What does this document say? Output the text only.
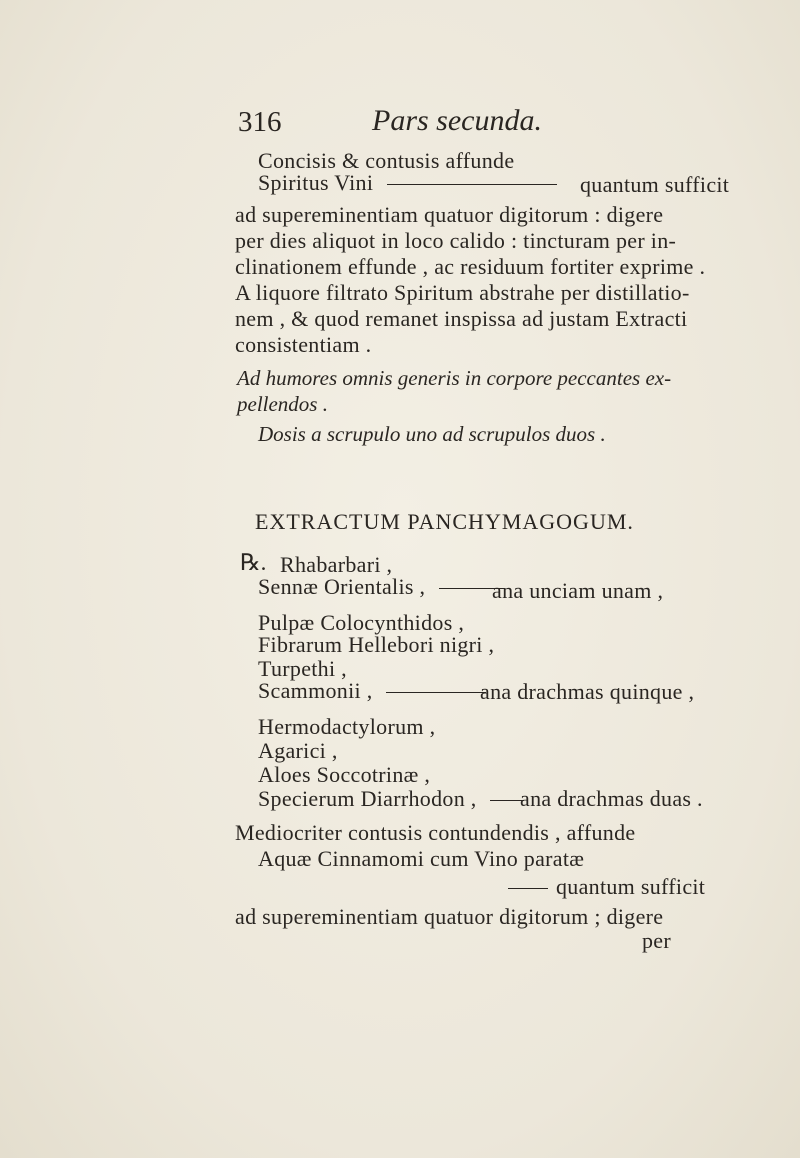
316	Pars secunda.
Concisis & contusis affunde
Spiritus Vini	quantum sufficit
ad supereminentiam quatuor digitorum : digere
per dies aliquot in loco calido : tincturam per in-
clinationem effunde , ac residuum fortiter exprime .
A liquore filtrato Spiritum abstrahe per distillatio-
nem , & quod remanet inspissa ad justam Extracti
consistentiam .
Ad humores omnis generis in corpore peccantes ex-
pellendos .
Dosis a scrupulo uno ad scrupulos duos .
EXTRACTUM PANCHYMAGOGUM.
℞. Rhabarbari ,
Sennæ Orientalis ,	ana unciam unam ,
Pulpæ Colocynthidos ,
Fibrarum Hellebori nigri ,
Turpethi ,
Scammonii ,	ana drachmas quinque ,
Hermodactylorum ,
Agarici ,
Aloes Soccotrinæ ,
Specierum Diarrhodon ,	ana drachmas duas .
Mediocriter contusis contundendis , affunde
Aquæ Cinnamomi cum Vino paratæ
quantum sufficit
ad supereminentiam quatuor digitorum ; digere
per
